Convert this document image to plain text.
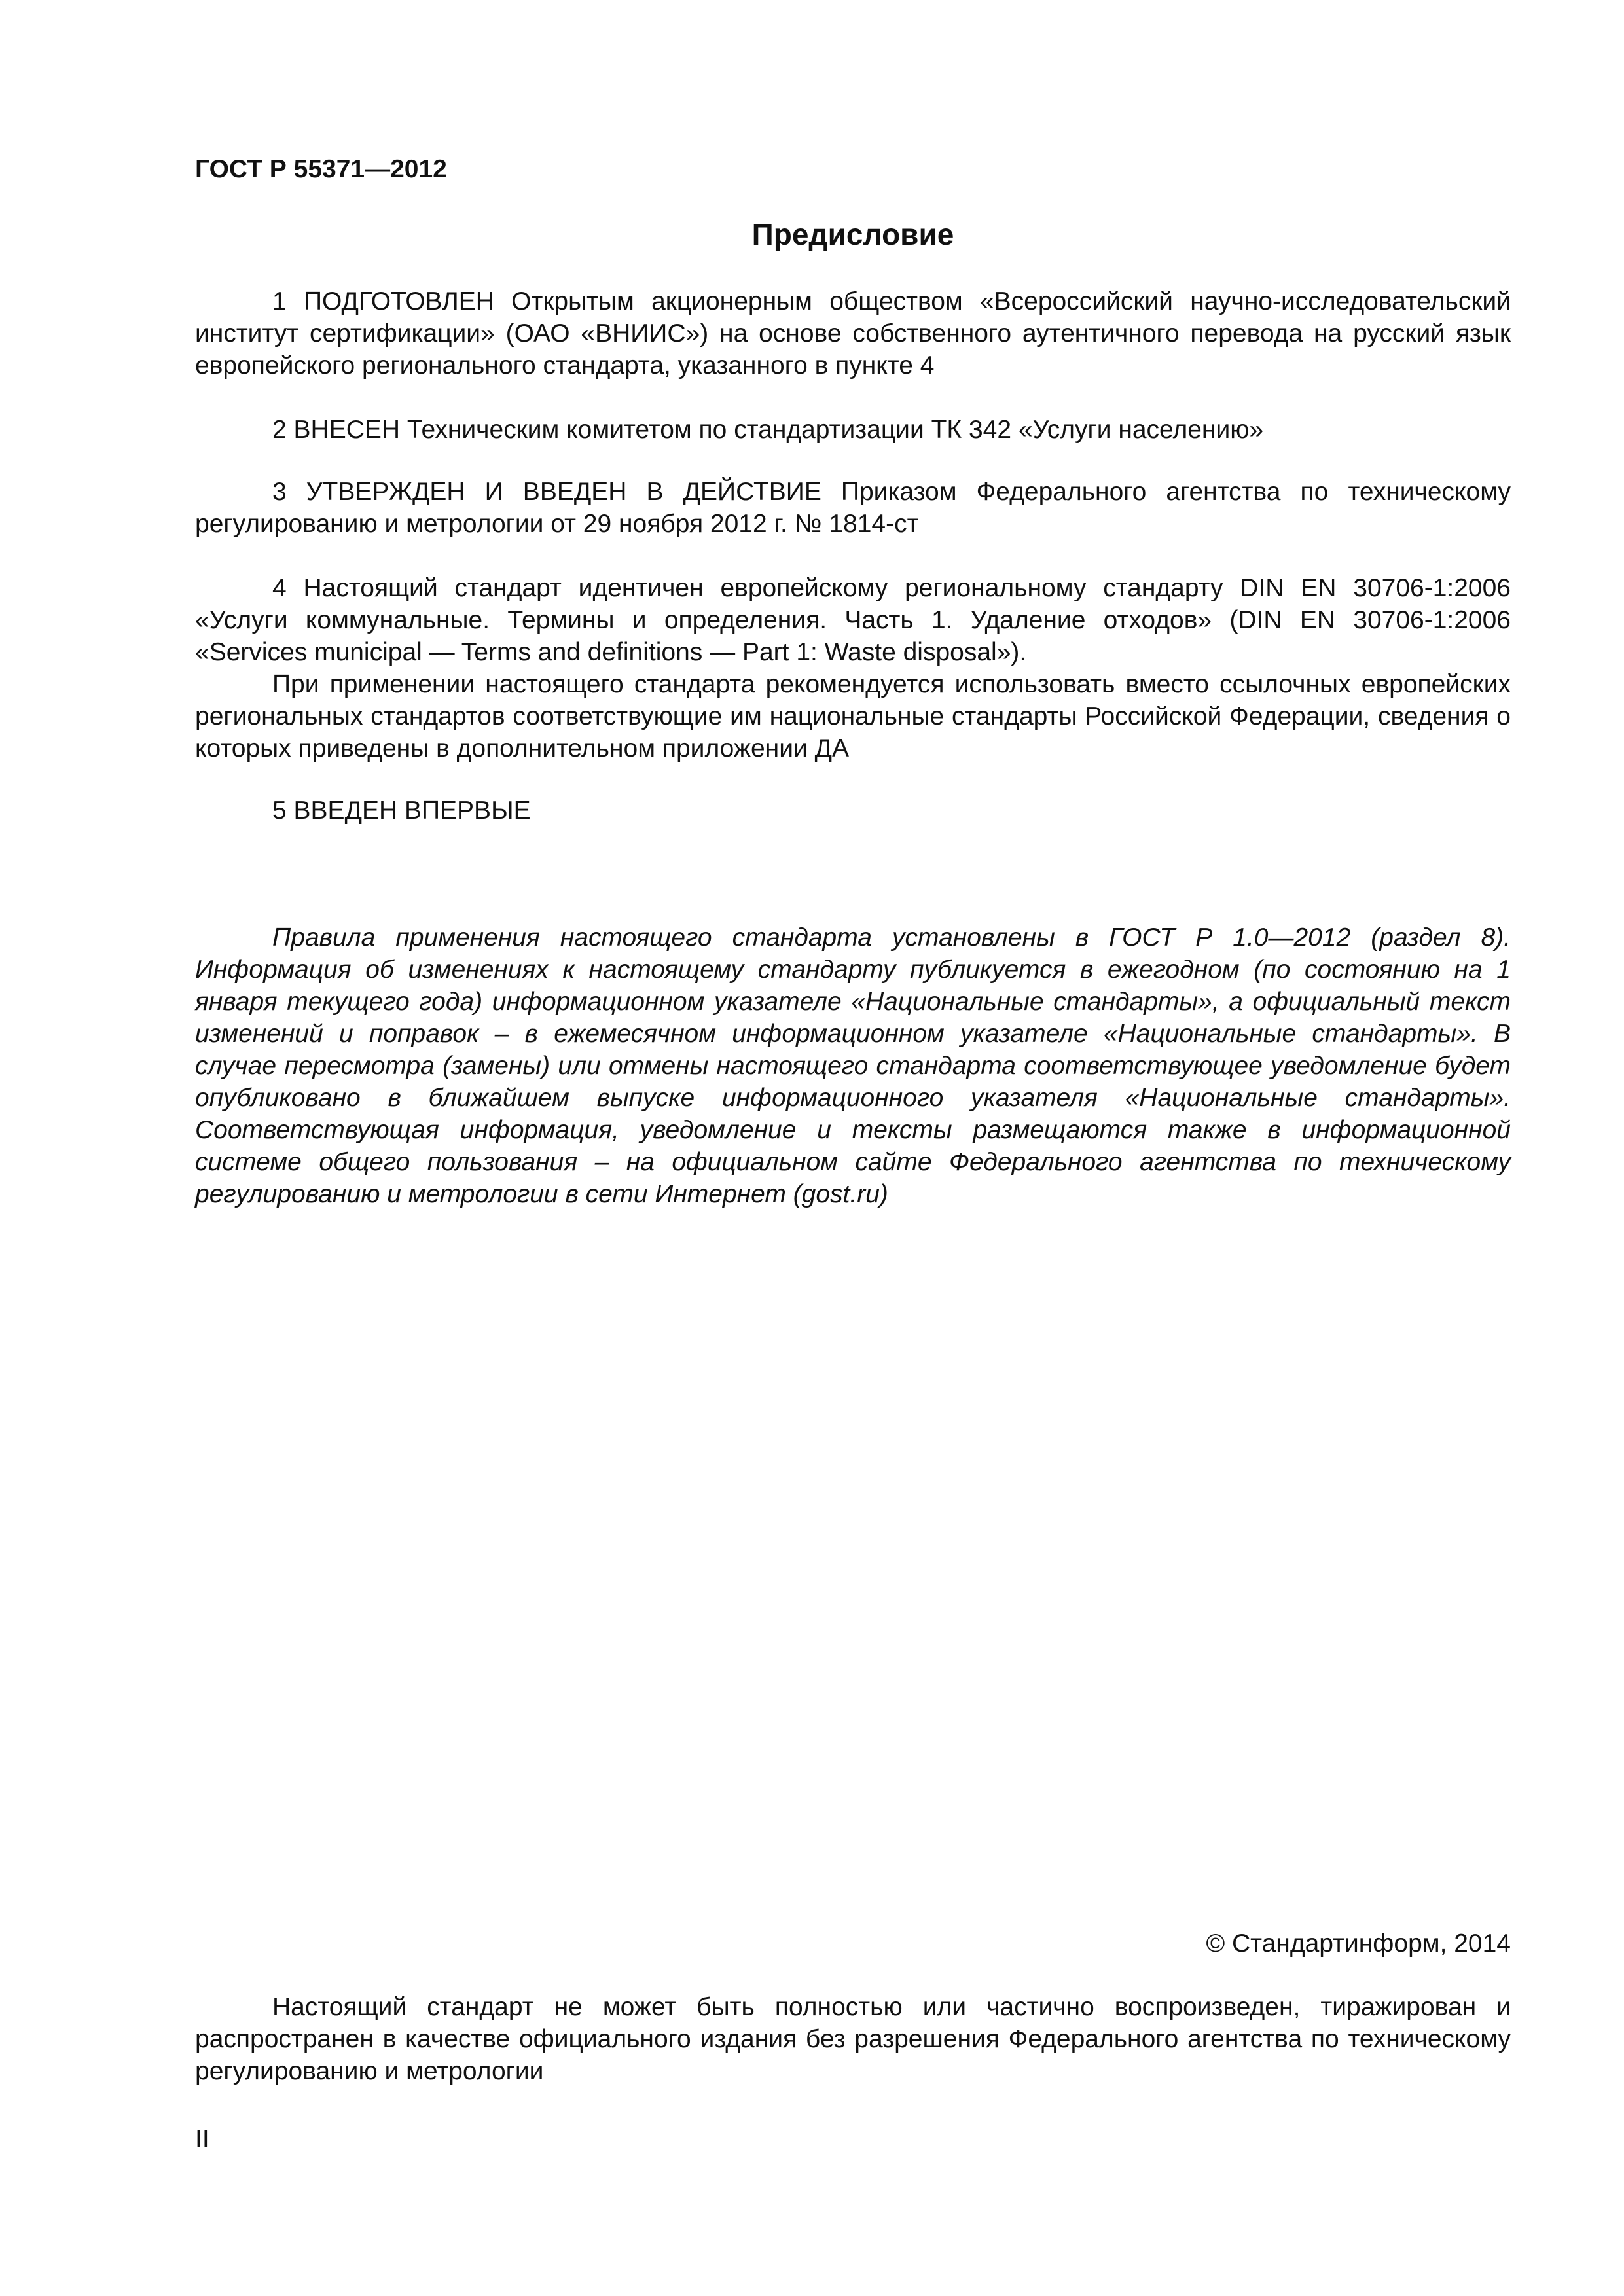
ГОСТ Р 55371—2012
Предисловие
1 ПОДГОТОВЛЕН Открытым акционерным обществом «Всероссийский научно-исследовательский институт сертификации» (ОАО «ВНИИС») на основе собственного аутентичного перевода на русский язык европейского регионального стандарта, указанного в пункте 4
2 ВНЕСЕН Техническим комитетом по стандартизации ТК 342 «Услуги населению»
3 УТВЕРЖДЕН И ВВЕДЕН В ДЕЙСТВИЕ Приказом Федерального агентства по техническому регулированию и метрологии от 29 ноября 2012 г. № 1814-ст
4 Настоящий стандарт идентичен европейскому региональному стандарту DIN EN 30706-1:2006 «Услуги коммунальные. Термины и определения. Часть 1. Удаление отходов» (DIN EN 30706-1:2006 «Services municipal — Terms and definitions — Part 1: Waste disposal»).
При применении настоящего стандарта рекомендуется использовать вместо ссылочных европейских региональных стандартов соответствующие им национальные стандарты Российской Федерации, сведения о которых приведены в дополнительном приложении ДА
5 ВВЕДЕН ВПЕРВЫЕ
Правила применения настоящего стандарта установлены в ГОСТ Р 1.0—2012 (раздел 8). Информация об изменениях к настоящему стандарту публикуется в ежегодном (по состоянию на 1 января текущего года) информационном указателе «Национальные стандарты», а официальный текст изменений и поправок – в ежемесячном информационном указателе «Национальные стандарты». В случае пересмотра (замены) или отмены настоящего стандарта соответствующее уведомление будет опубликовано в ближайшем выпуске информационного указателя «Национальные стандарты». Соответствующая информация, уведомление и тексты размещаются также в информационной системе общего пользования – на официальном сайте Федерального агентства по техническому регулированию и метрологии в сети Интернет (gost.ru)
© Стандартинформ, 2014
Настоящий стандарт не может быть полностью или частично воспроизведен, тиражирован и распространен в качестве официального издания без разрешения Федерального агентства по техническому регулированию и метрологии
II
